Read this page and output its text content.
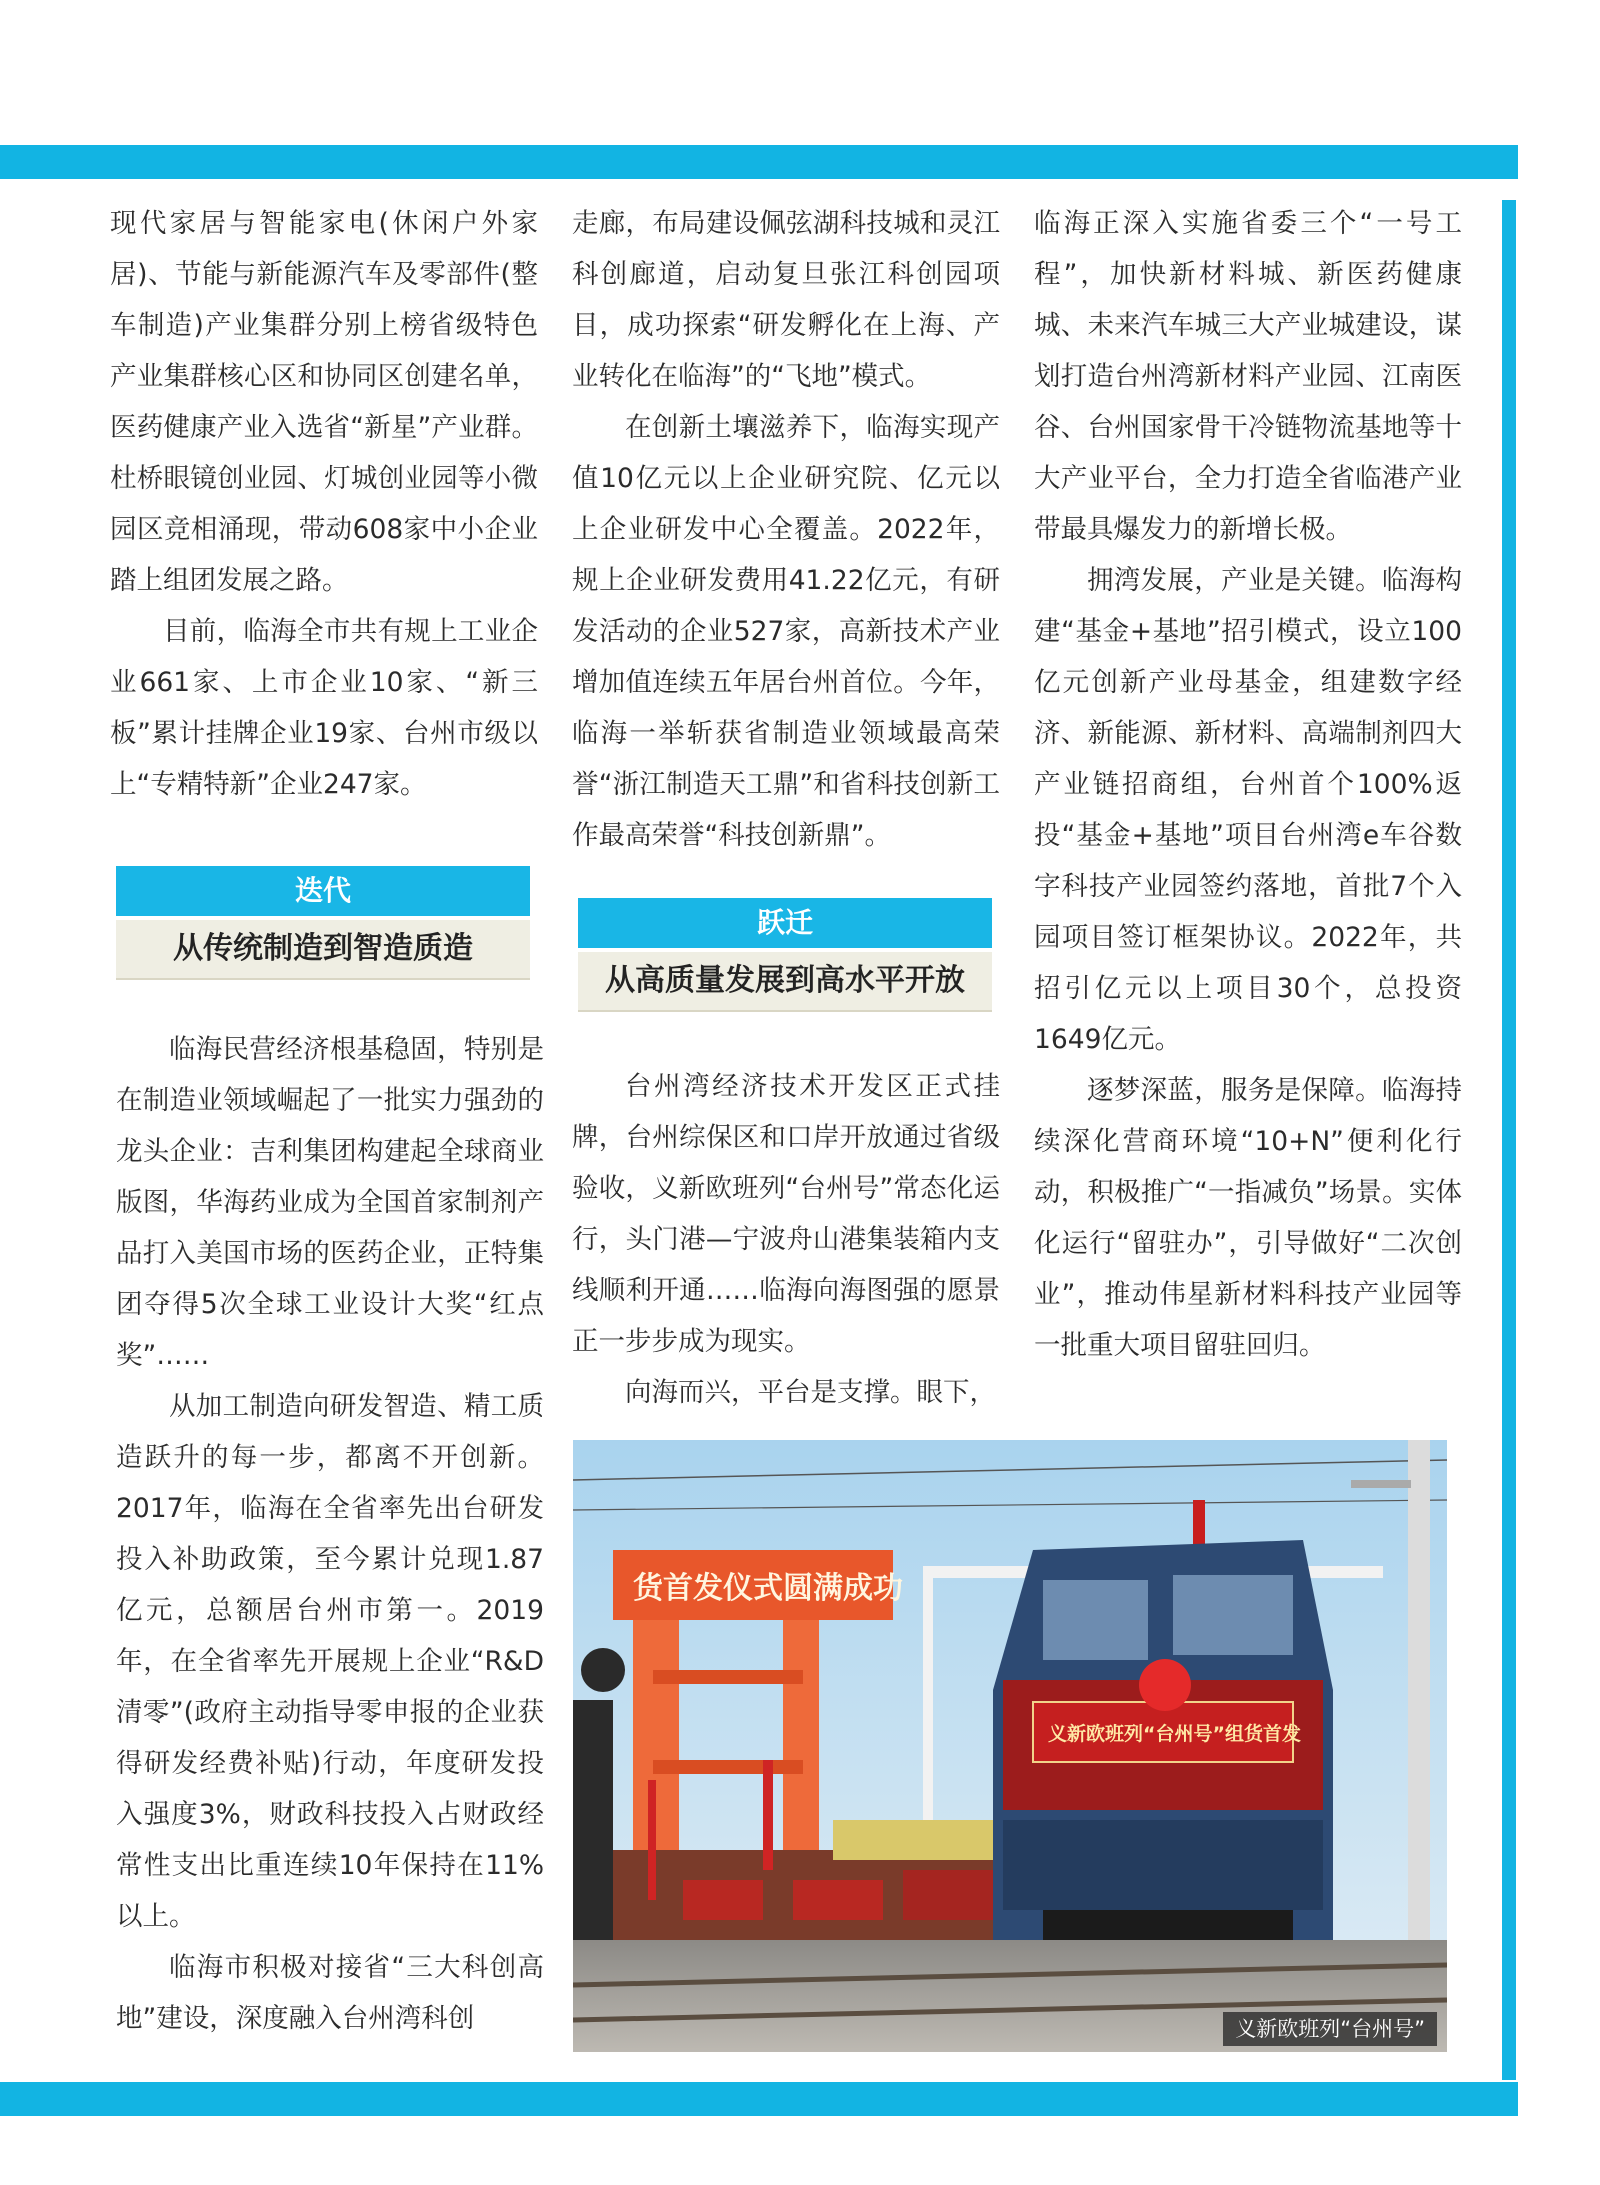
现代家居与智能家电(休闲户外家居)、节能与新能源汽车及零部件(整车制造)产业集群分别上榜省级特色产业集群核心区和协同区创建名单，医药健康产业入选省“新星”产业群。杜桥眼镜创业园、灯城创业园等小微园区竞相涌现，带动608家中小企业踏上组团发展之路。

目前，临海全市共有规上工业企业661家、上市企业10家、“新三板”累计挂牌企业19家、台州市级以上“专精特新”企业247家。

迭代
从传统制造到智造质造

临海民营经济根基稳固，特别是在制造业领域崛起了一批实力强劲的龙头企业：吉利集团构建起全球商业版图，华海药业成为全国首家制剂产品打入美国市场的医药企业，正特集团夺得5次全球工业设计大奖“红点奖”……

从加工制造向研发智造、精工质造跃升的每一步，都离不开创新。2017年，临海在全省率先出台研发投入补助政策，至今累计兑现1.87亿元，总额居台州市第一。2019年，在全省率先开展规上企业“R&D清零”(政府主动指导零申报的企业获得研发经费补贴)行动，年度研发投入强度3%，财政科技投入占财政经常性支出比重连续10年保持在11%以上。

临海市积极对接省“三大科创高地”建设，深度融入台州湾科创

走廊，布局建设佩弦湖科技城和灵江科创廊道，启动复旦张江科创园项目，成功探索“研发孵化在上海、产业转化在临海”的“飞地”模式。

在创新土壤滋养下，临海实现产值10亿元以上企业研究院、亿元以上企业研发中心全覆盖。2022年，规上企业研发费用41.22亿元，有研发活动的企业527家，高新技术产业增加值连续五年居台州首位。今年，临海一举斩获省制造业领域最高荣誉“浙江制造天工鼎”和省科技创新工作最高荣誉“科技创新鼎”。

跃迁
从高质量发展到高水平开放

台州湾经济技术开发区正式挂牌，台州综保区和口岸开放通过省级验收，义新欧班列“台州号”常态化运行，头门港—宁波舟山港集装箱内支线顺利开通……临海向海图强的愿景正一步步成为现实。

向海而兴，平台是支撑。眼下，

临海正深入实施省委三个“一号工程”，加快新材料城、新医药健康城、未来汽车城三大产业城建设，谋划打造台州湾新材料产业园、江南医谷、台州国家骨干冷链物流基地等十大产业平台，全力打造全省临港产业带最具爆发力的新增长极。

拥湾发展，产业是关键。临海构建“基金+基地”招引模式，设立100亿元创新产业母基金，组建数字经济、新能源、新材料、高端制剂四大产业链招商组，台州首个100%返投“基金+基地”项目台州湾e车谷数字科技产业园签约落地，首批7个入园项目签订框架协议。2022年，共招引亿元以上项目30个，总投资1649亿元。

逐梦深蓝，服务是保障。临海持续深化营商环境“10+N”便利化行动，积极推广“一指减负”场景。实体化运行“留驻办”，引导做好“二次创业”，推动伟星新材料科技产业园等一批重大项目留驻回归。

货首发仪式圆满成功
义新欧班列“台州号”组货首发
义新欧班列“台州号”
